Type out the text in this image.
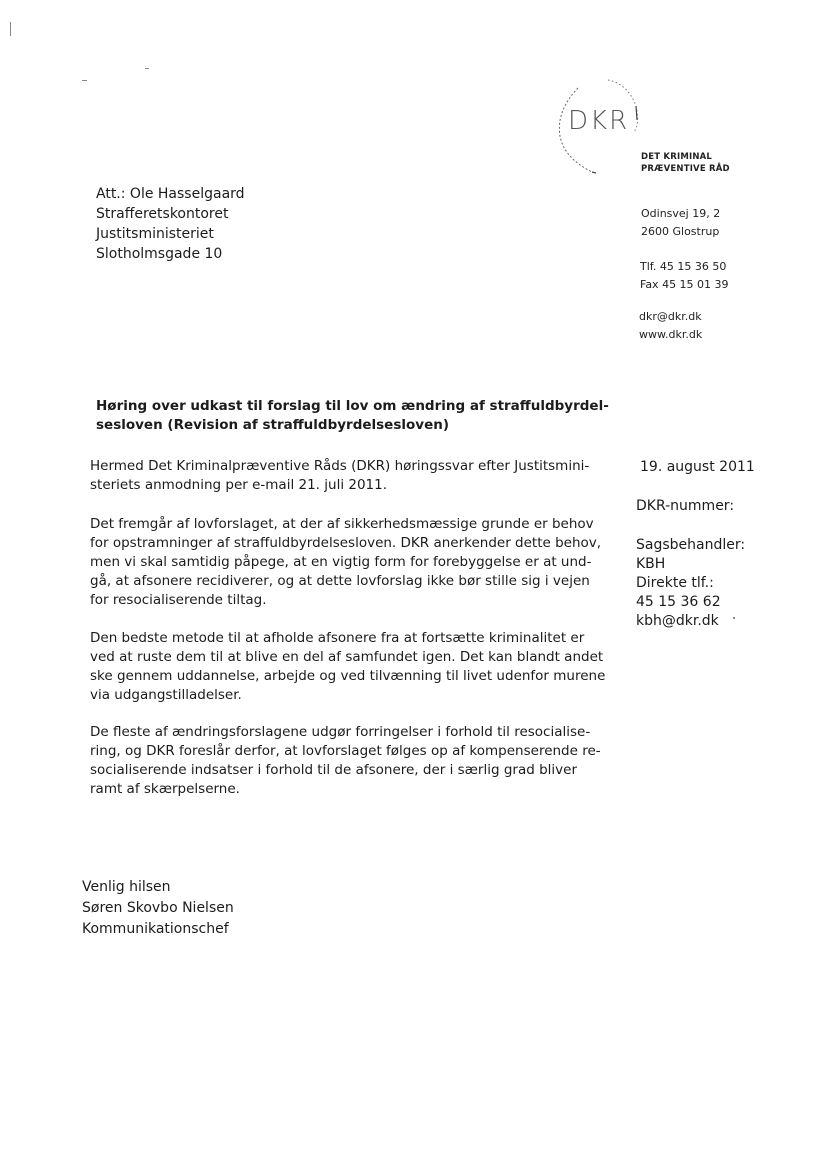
DKR
DET KRIMINAL
PRÆVENTIVE RÅD
Odinsvej 19, 2
2600 Glostrup
Tlf. 45 15 36 50
Fax 45 15 01 39
dkr@dkr.dk
www.dkr.dk
Att.: Ole Hasselgaard
Strafferetskontoret
Justitsministeriet
Slotholmsgade 10
Høring over udkast til forslag til lov om ændring af straffuldbyrdel-
sesloven (Revision af straffuldbyrdelsesloven)
Hermed Det Kriminalpræventive Råds (DKR) høringssvar efter Justitsmini-
steriets anmodning per e-mail 21. juli 2011.
Det fremgår af lovforslaget, at der af sikkerhedsmæssige grunde er behov
for opstramninger af straffuldbyrdelsesloven. DKR anerkender dette behov,
men vi skal samtidig påpege, at en vigtig form for forebyggelse er at und-
gå, at afsonere recidiverer, og at dette lovforslag ikke bør stille sig i vejen
for resocialiserende tiltag.
Den bedste metode til at afholde afsonere fra at fortsætte kriminalitet er
ved at ruste dem til at blive en del af samfundet igen. Det kan blandt andet
ske gennem uddannelse, arbejde og ved tilvænning til livet udenfor murene
via udgangstilladelser.
De fleste af ændringsforslagene udgør forringelser i forhold til resocialise-
ring, og DKR foreslår derfor, at lovforslaget følges op af kompenserende re-
socialiserende indsatser i forhold til de afsonere, der i særlig grad bliver
ramt af skærpelserne.
19. august 2011
DKR-nummer:
Sagsbehandler:
KBH
Direkte tlf.:
45 15 36 62
kbh@dkr.dk
Venlig hilsen
Søren Skovbo Nielsen
Kommunikationschef
